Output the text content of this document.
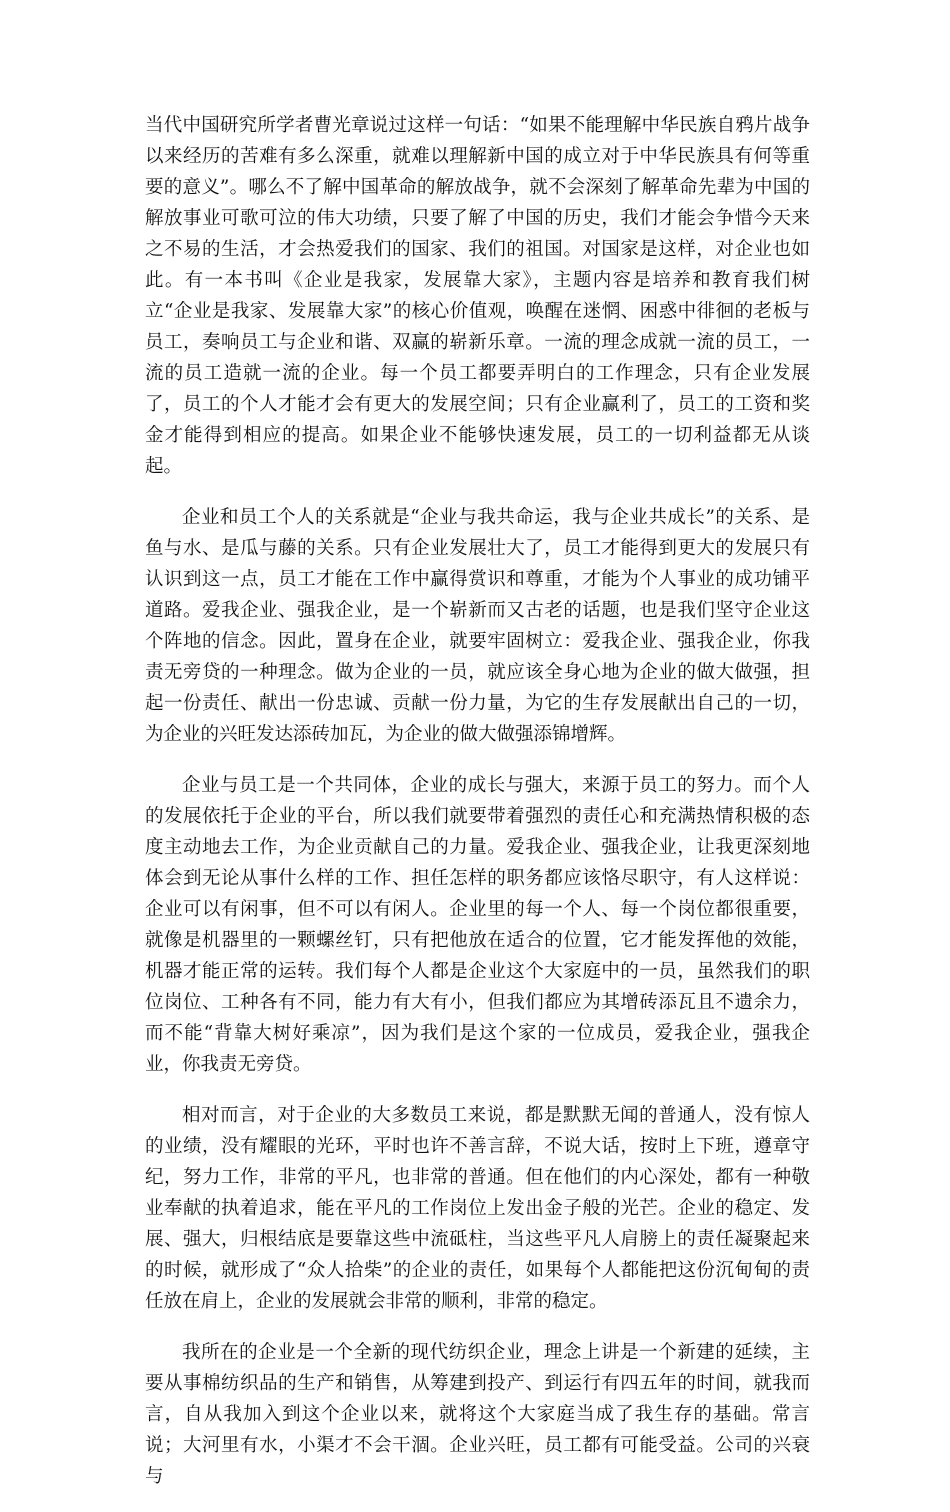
当代中国研究所学者曹光章说过这样一句话：“如果不能理解中华民族自鸦片战争以来经历的苦难有多么深重，就难以理解新中国的成立对于中华民族具有何等重要的意义”。哪么不了解中国革命的解放战争，就不会深刻了解革命先辈为中国的解放事业可歌可泣的伟大功绩，只要了解了中国的历史，我们才能会争惜今天来之不易的生活，才会热爱我们的国家、我们的祖国。对国家是这样，对企业也如此。有一本书叫《企业是我家，发展靠大家》，主题内容是培养和教育我们树立“企业是我家、发展靠大家”的核心价值观，唤醒在迷惘、困惑中徘徊的老板与员工，奏响员工与企业和谐、双赢的崭新乐章。一流的理念成就一流的员工，一流的员工造就一流的企业。每一个员工都要弄明白的工作理念，只有企业发展了，员工的个人才能才会有更大的发展空间；只有企业赢利了，员工的工资和奖金才能得到相应的提高。如果企业不能够快速发展，员工的一切利益都无从谈起。

企业和员工个人的关系就是“企业与我共命运，我与企业共成长”的关系、是鱼与水、是瓜与藤的关系。只有企业发展壮大了，员工才能得到更大的发展只有认识到这一点，员工才能在工作中赢得赏识和尊重，才能为个人事业的成功铺平道路。爱我企业、强我企业，是一个崭新而又古老的话题，也是我们坚守企业这个阵地的信念。因此，置身在企业，就要牢固树立：爱我企业、强我企业，你我责无旁贷的一种理念。做为企业的一员，就应该全身心地为企业的做大做强，担起一份责任、献出一份忠诚、贡献一份力量，为它的生存发展献出自己的一切，为企业的兴旺发达添砖加瓦，为企业的做大做强添锦增辉。

企业与员工是一个共同体，企业的成长与强大，来源于员工的努力。而个人的发展依托于企业的平台，所以我们就要带着强烈的责任心和充满热情积极的态度主动地去工作，为企业贡献自己的力量。爱我企业、强我企业，让我更深刻地体会到无论从事什么样的工作、担任怎样的职务都应该恪尽职守，有人这样说：企业可以有闲事，但不可以有闲人。企业里的每一个人、每一个岗位都很重要，就像是机器里的一颗螺丝钉，只有把他放在适合的位置，它才能发挥他的效能，机器才能正常的运转。我们每个人都是企业这个大家庭中的一员，虽然我们的职位岗位、工种各有不同，能力有大有小，但我们都应为其增砖添瓦且不遗余力，而不能“背靠大树好乘凉”，因为我们是这个家的一位成员，爱我企业，强我企业，你我责无旁贷。

相对而言，对于企业的大多数员工来说，都是默默无闻的普通人，没有惊人的业绩，没有耀眼的光环，平时也许不善言辞，不说大话，按时上下班，遵章守纪，努力工作，非常的平凡，也非常的普通。但在他们的内心深处，都有一种敬业奉献的执着追求，能在平凡的工作岗位上发出金子般的光芒。企业的稳定、发展、强大，归根结底是要靠这些中流砥柱，当这些平凡人肩膀上的责任凝聚起来的时候，就形成了“众人拾柴”的企业的责任，如果每个人都能把这份沉甸甸的责任放在肩上，企业的发展就会非常的顺利，非常的稳定。

我所在的企业是一个全新的现代纺织企业，理念上讲是一个新建的延续，主要从事棉纺织品的生产和销售，从筹建到投产、到运行有四五年的时间，就我而言，自从我加入到这个企业以来，就将这个大家庭当成了我生存的基础。常言说；大河里有水，小渠才不会干涸。企业兴旺，员工都有可能受益。公司的兴衰与
